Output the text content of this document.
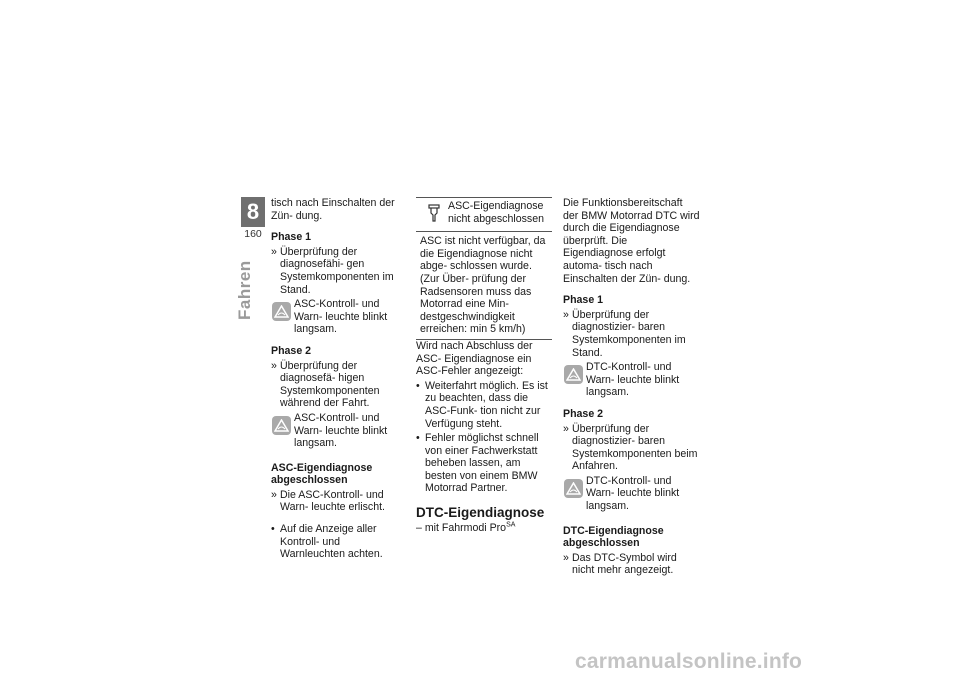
8
160
Fahren

tisch nach Einschalten der Zün- dung.

Phase 1

» Überprüfung der diagnosefähi- gen Systemkomponenten im Stand.
ASC-Kontroll- und Warn- leuchte blinkt langsam.

Phase 2

» Überprüfung der diagnosefä- higen Systemkomponenten während der Fahrt.
ASC-Kontroll- und Warn- leuchte blinkt langsam.

ASC-Eigendiagnose abgeschlossen

» Die ASC-Kontroll- und Warn- leuchte erlischt.
• Auf die Anzeige aller Kontroll- und Warnleuchten achten.
ASC-Eigendiagnose nicht abgeschlossen
ASC ist nicht verfügbar, da die Eigendiagnose nicht abge- schlossen wurde. (Zur Über- prüfung der Radsensoren muss das Motorrad eine Min- destgeschwindigkeit erreichen: min 5 km/h)

Wird nach Abschluss der ASC- Eigendiagnose ein ASC-Fehler angezeigt:

• Weiterfahrt möglich. Es ist zu beachten, dass die ASC-Funk- tion nicht zur Verfügung steht.
• Fehler möglichst schnell von einer Fachwerkstatt beheben lassen, am besten von einem BMW Motorrad Partner.

DTC-Eigendiagnose

– mit Fahrmodi Pro$^{SA}$

Die Funktionsbereitschaft der BMW Motorrad DTC wird durch die Eigendiagnose überprüft. Die Eigendiagnose erfolgt automa- tisch nach Einschalten der Zün- dung.

Phase 1

» Überprüfung der diagnostizier- baren Systemkomponenten im Stand.
DTC-Kontroll- und Warn- leuchte blinkt langsam.

Phase 2

» Überprüfung der diagnostizier- baren Systemkomponenten beim Anfahren.
DTC-Kontroll- und Warn- leuchte blinkt langsam.

DTC-Eigendiagnose abgeschlossen

» Das DTC-Symbol wird nicht mehr angezeigt.
carmanualsonline.info
